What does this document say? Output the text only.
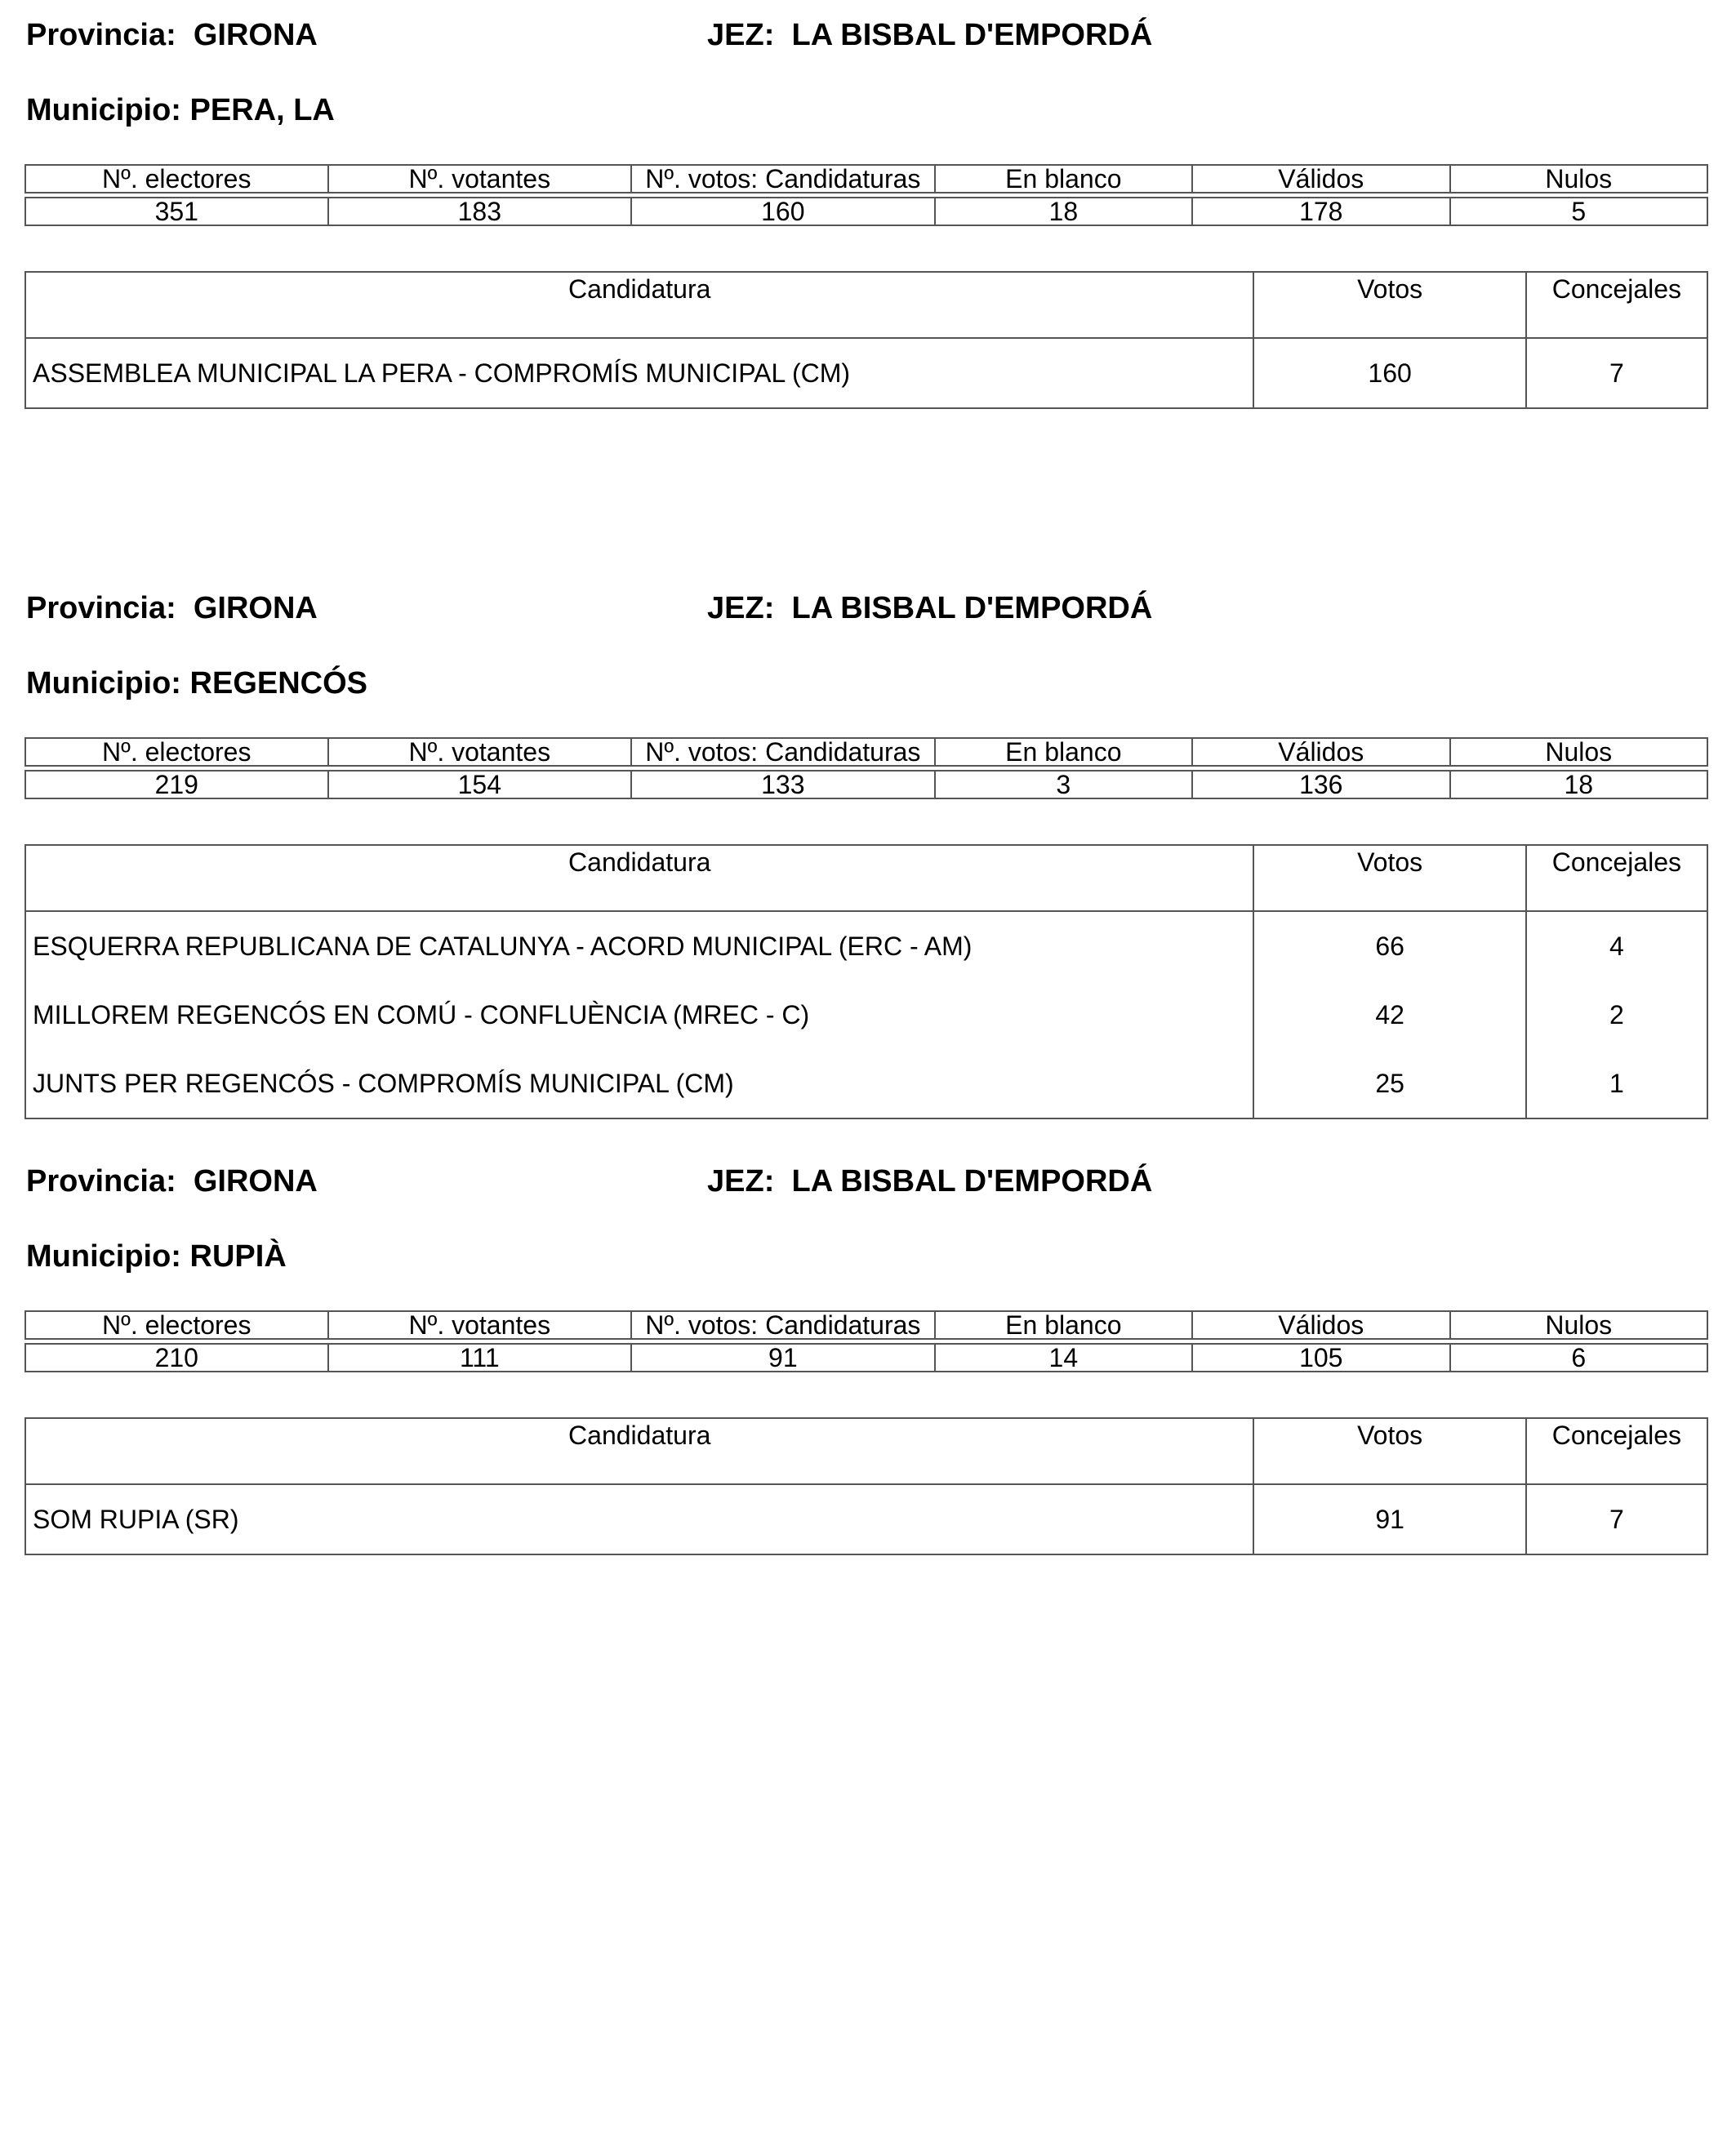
Provincia: GIRONA	JEZ: LA BISBAL D'EMPORDÁ
Municipio: PERA, LA
Nº. electores	Nº. votantes	Nº. votos: Candidaturas	En blanco	Válidos	Nulos

351	183	160	18	178	5
Candidatura	Votos	Concejales
ASSEMBLEA MUNICIPAL LA PERA - COMPROMÍS MUNICIPAL (CM)	160	7
Provincia: GIRONA	JEZ: LA BISBAL D'EMPORDÁ
Municipio: REGENCÓS
Nº. electores	Nº. votantes	Nº. votos: Candidaturas	En blanco	Válidos	Nulos

219	154	133	3	136	18
Candidatura	Votos	Concejales
ESQUERRA REPUBLICANA DE CATALUNYA - ACORD MUNICIPAL (ERC - AM)	66	4
MILLOREM REGENCÓS EN COMÚ - CONFLUÈNCIA (MREC - C)	42	2
JUNTS PER REGENCÓS - COMPROMÍS MUNICIPAL (CM)	25	1
Provincia: GIRONA	JEZ: LA BISBAL D'EMPORDÁ
Municipio: RUPIÀ
Nº. electores	Nº. votantes	Nº. votos: Candidaturas	En blanco	Válidos	Nulos

210	111	91	14	105	6
Candidatura	Votos	Concejales
SOM RUPIA (SR)	91	7
